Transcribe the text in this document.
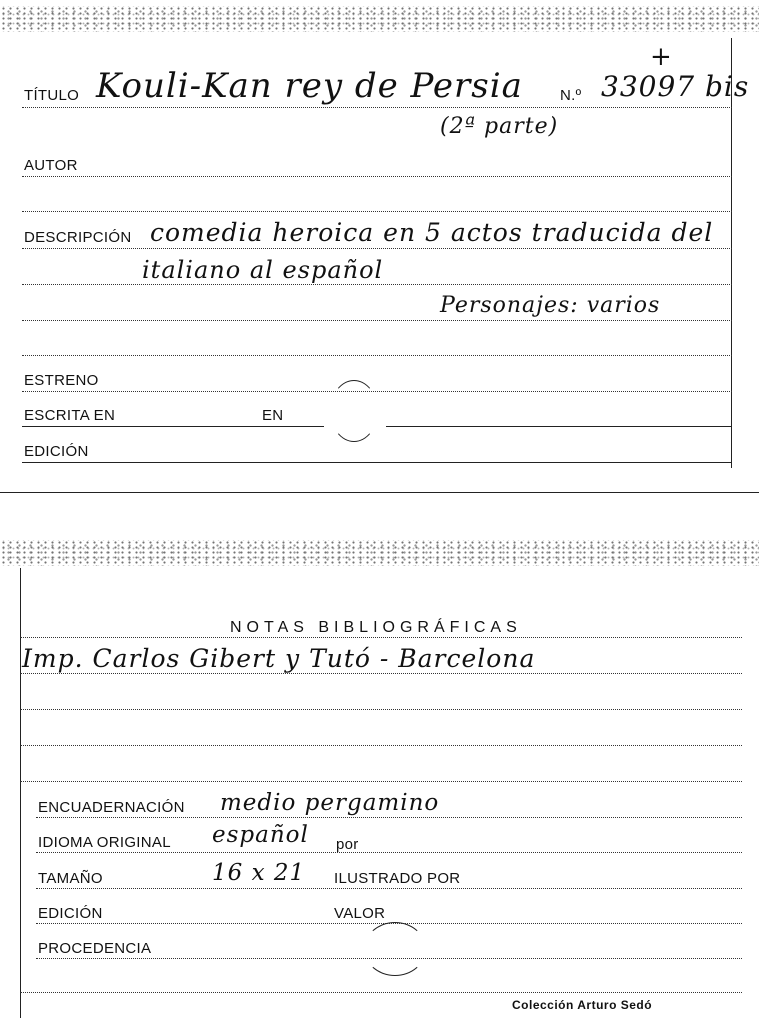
TÍTULO Kouli-Kan rey de Persia N.º 33097 bis
+
(2ª parte)
AUTOR
DESCRIPCIÓN comedia heroica en 5 actos traducida del
italiano al español
Personajes: varios
ESTRENO
ESCRITA EN	EN
EDICIÓN
NOTAS BIBLIOGRÁFICAS
Imp. Carlos Gibert y Tutó - Barcelona
ENCUADERNACIÓN medio pergamino
IDIOMA ORIGINAL español por
TAMAÑO	16 x 21 ILUSTRADO POR
EDICIÓN	VALOR
PROCEDENCIA
Colección Arturo Sedó
